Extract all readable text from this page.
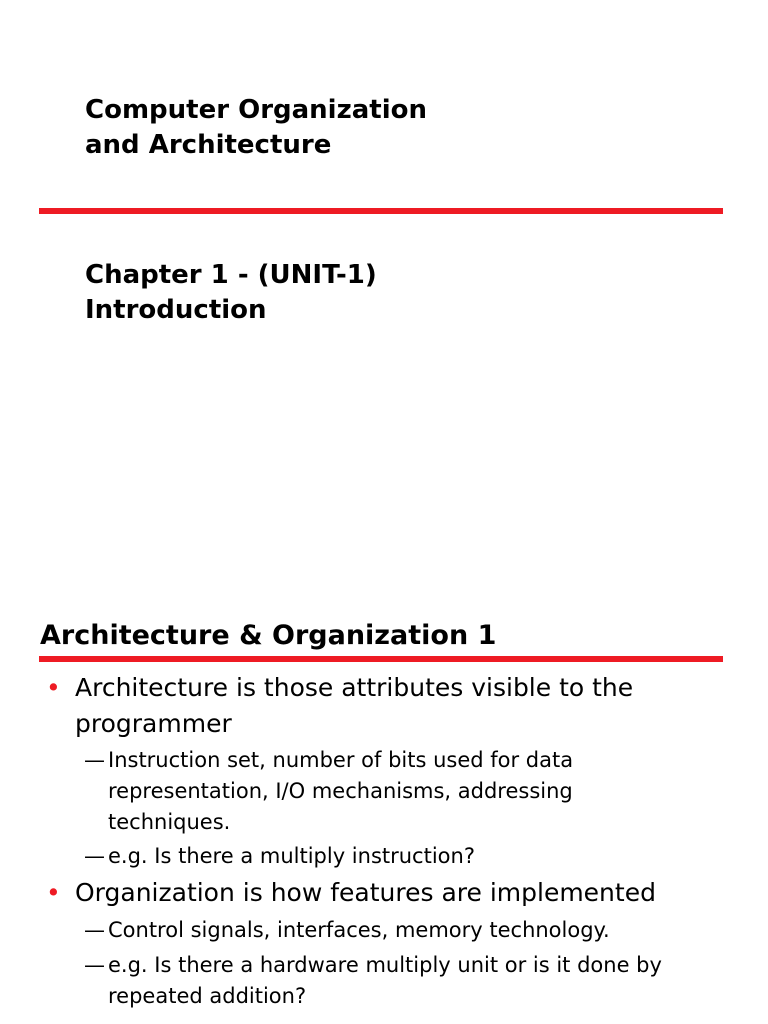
Computer Organization
and Architecture
Chapter 1 - (UNIT-1)
Introduction
Architecture & Organization 1
• Architecture is those attributes visible to the
programmer
— Instruction set, number of bits used for data
representation, I/O mechanisms, addressing
techniques.
— e.g. Is there a multiply instruction?
• Organization is how features are implemented
— Control signals, interfaces, memory technology.
— e.g. Is there a hardware multiply unit or is it done by
repeated addition?
